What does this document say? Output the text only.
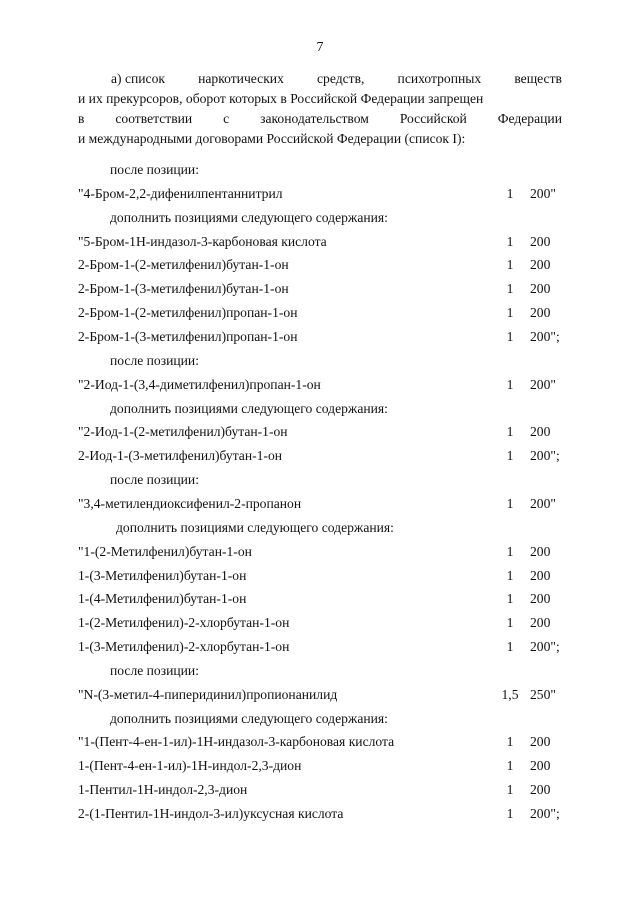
7
а) список наркотических средств, психотропных веществ
и их прекурсоров, оборот которых в Российской Федерации запрещен
в соответствии с законодательством Российской Федерации
и международными договорами Российской Федерации (список I):
после позиции:
"4-Бром-2,2-дифенилпентаннитрил	1	200"
дополнить позициями следующего содержания:
"5-Бром-1H-индазол-3-карбоновая кислота	1	200
2-Бром-1-(2-метилфенил)бутан-1-он	1	200
2-Бром-1-(3-метилфенил)бутан-1-он	1	200
2-Бром-1-(2-метилфенил)пропан-1-он	1	200
2-Бром-1-(3-метилфенил)пропан-1-он	1	200";
после позиции:
"2-Иод-1-(3,4-диметилфенил)пропан-1-он	1	200"
дополнить позициями следующего содержания:
"2-Иод-1-(2-метилфенил)бутан-1-он	1	200
2-Иод-1-(3-метилфенил)бутан-1-он	1	200";
после позиции:
"3,4-метилендиоксифенил-2-пропанон	1	200"
дополнить позициями следующего содержания:
"1-(2-Метилфенил)бутан-1-он	1	200
1-(3-Метилфенил)бутан-1-он	1	200
1-(4-Метилфенил)бутан-1-он	1	200
1-(2-Метилфенил)-2-хлорбутан-1-он	1	200
1-(3-Метилфенил)-2-хлорбутан-1-он	1	200";
после позиции:
"N-(3-метил-4-пиперидинил)пропионанилид	1,5 250"
дополнить позициями следующего содержания:
"1-(Пент-4-ен-1-ил)-1H-индазол-3-карбоновая кислота	1	200
1-(Пент-4-ен-1-ил)-1H-индол-2,3-дион	1	200
1-Пентил-1H-индол-2,3-дион	1	200
2-(1-Пентил-1H-индол-3-ил)уксусная кислота	1	200";
